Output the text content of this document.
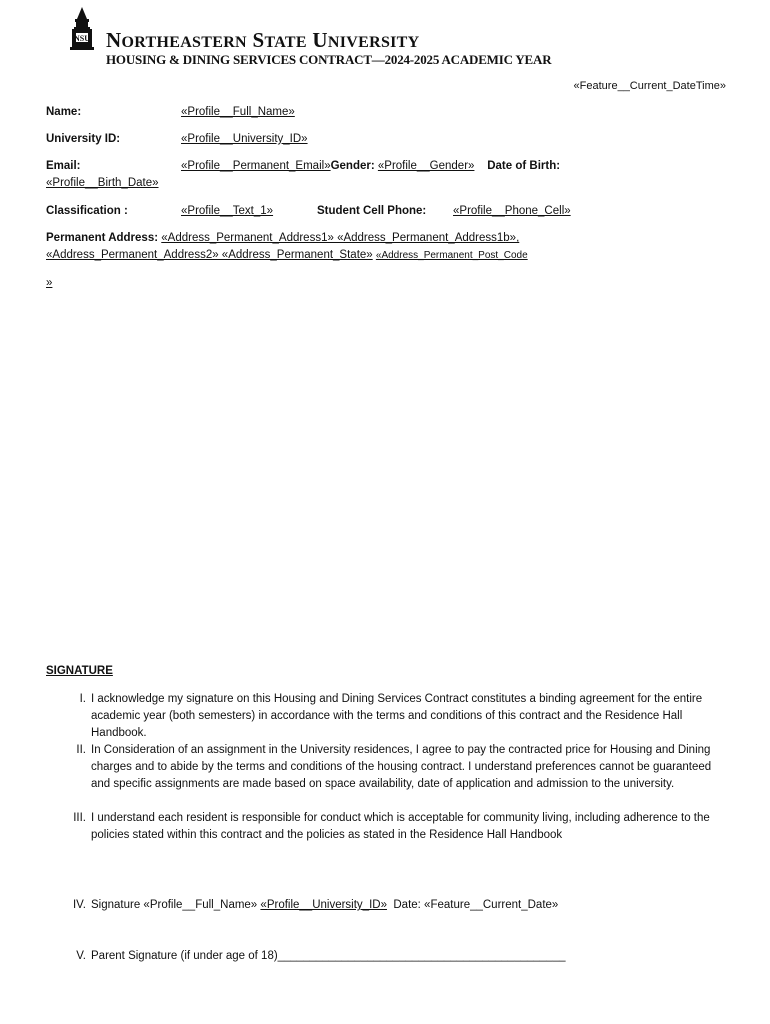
NSU NORTHEASTERN STATE UNIVERSITY
HOUSING & DINING SERVICES CONTRACT—2024-2025 ACADEMIC YEAR
«Feature__Current_DateTime»
Name:	«Profile__Full_Name»
University ID:	«Profile__University_ID»
Email:	«Profile__Permanent_Email»Gender: «Profile__Gender» Date of Birth:
«Profile__Birth_Date»
Classification :	«Profile__Text_1»	Student Cell Phone: «Profile__Phone_Cell»
Permanent Address: «Address_Permanent_Address1» «Address_Permanent_Address1b»,
«Address_Permanent_Address2» «Address_Permanent_State» «Address_Permanent_Post_Code
»
SIGNATURE
I. I acknowledge my signature on this Housing and Dining Services Contract constitutes a binding agreement for the entire academic year (both semesters) in accordance with the terms and conditions of this contract and the Residence Hall Handbook.
II. In Consideration of an assignment in the University residences, I agree to pay the contracted price for Housing and Dining charges and to abide by the terms and conditions of the housing contract. I understand preferences cannot be guaranteed and specific assignments are made based on space availability, date of application and admission to the university.
III. I understand each resident is responsible for conduct which is acceptable for community living, including adherence to the policies stated within this contract and the policies as stated in the Residence Hall Handbook
IV. Signature «Profile__Full_Name» «Profile__University_ID» Date: «Feature__Current_Date»
V. Parent Signature (if under age of 18)_____________________________________________
